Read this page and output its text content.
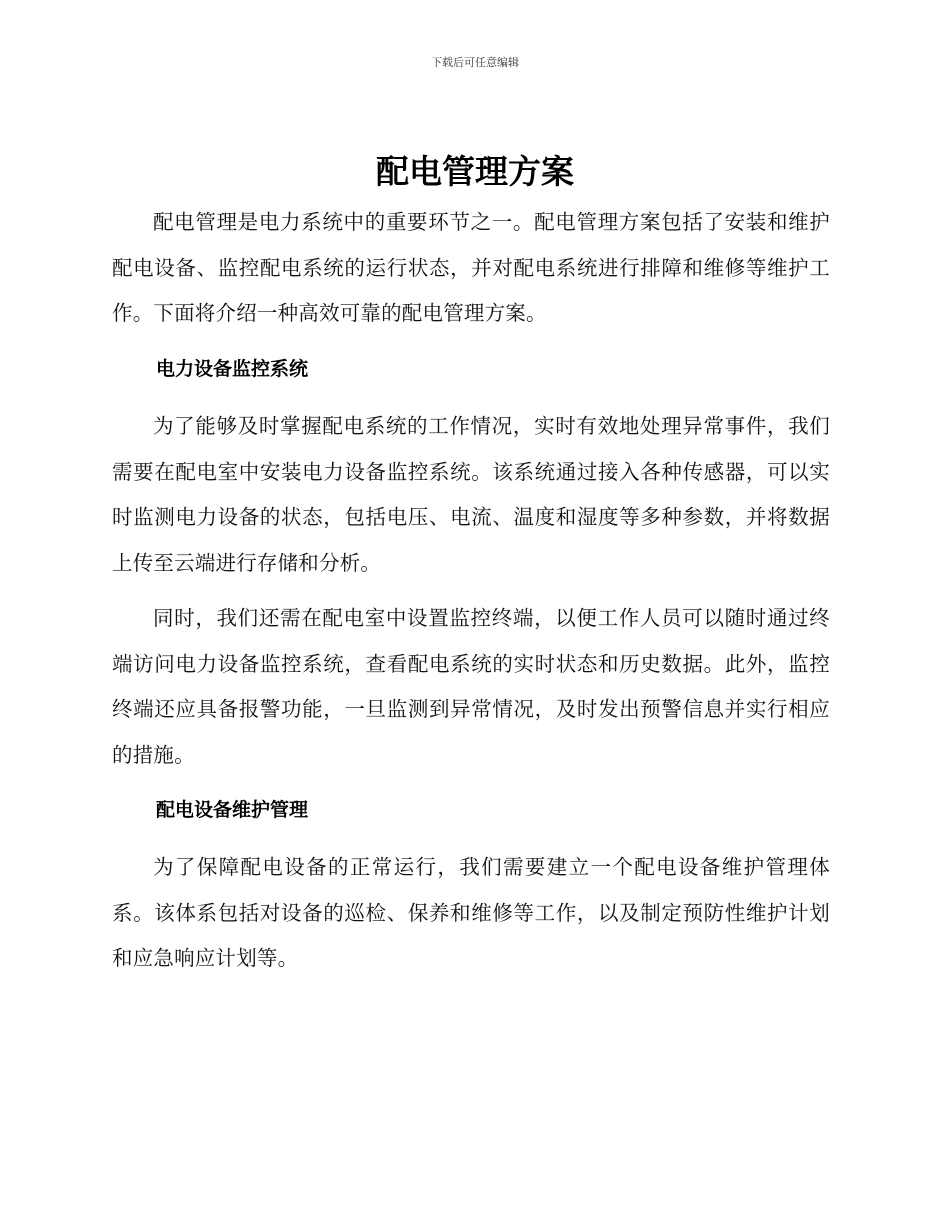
下载后可任意编辑
配电管理方案

配电管理是电力系统中的重要环节之一。配电管理方案包括了安装和维护配电设备、监控配电系统的运行状态，并对配电系统进行排障和维修等维护工作。下面将介绍一种高效可靠的配电管理方案。

电力设备监控系统

为了能够及时掌握配电系统的工作情况，实时有效地处理异常事件，我们需要在配电室中安装电力设备监控系统。该系统通过接入各种传感器，可以实时监测电力设备的状态，包括电压、电流、温度和湿度等多种参数，并将数据上传至云端进行存储和分析。

同时，我们还需在配电室中设置监控终端，以便工作人员可以随时通过终端访问电力设备监控系统，查看配电系统的实时状态和历史数据。此外，监控终端还应具备报警功能，一旦监测到异常情况，及时发出预警信息并实行相应的措施。

配电设备维护管理

为了保障配电设备的正常运行，我们需要建立一个配电设备维护管理体系。该体系包括对设备的巡检、保养和维修等工作，以及制定预防性维护计划和应急响应计划等。
